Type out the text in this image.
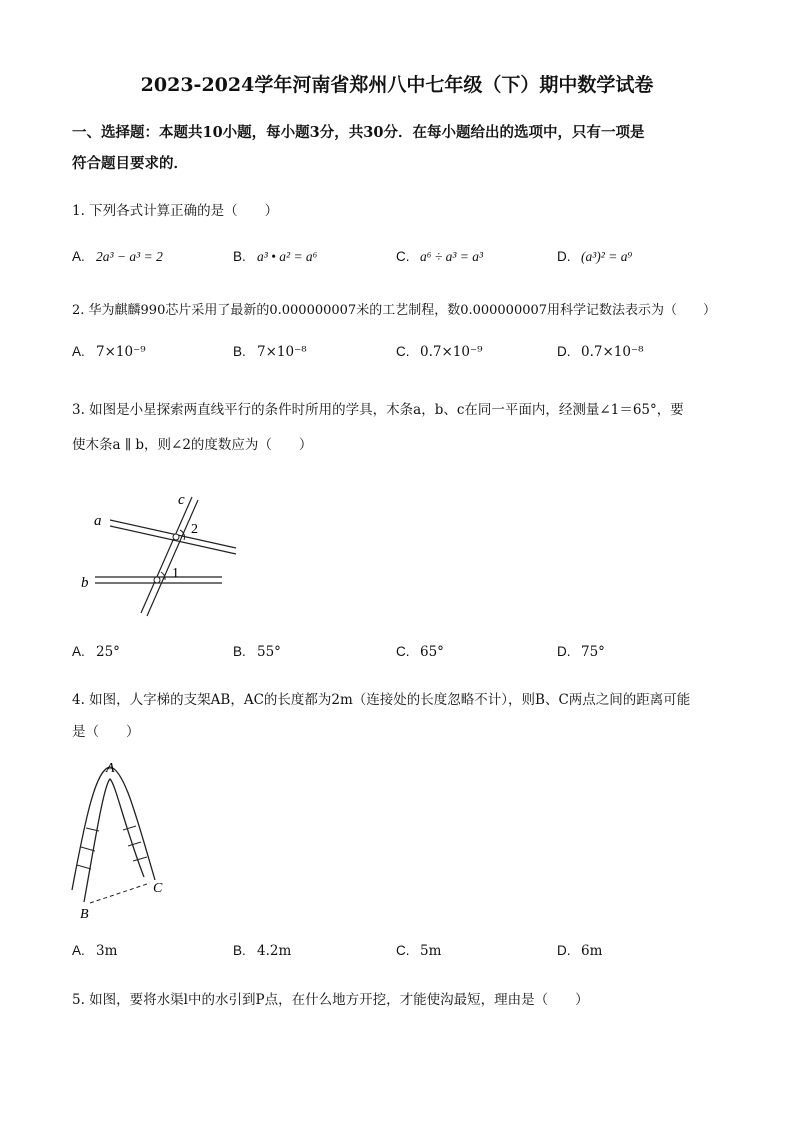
2023-2024学年河南省郑州八中七年级（下）期中数学试卷
一、选择题：本题共10小题，每小题3分，共30分．在每小题给出的选项中，只有一项是
符合题目要求的．
1. 下列各式计算正确的是（　　）
A. 2a³ − a³ = 2	B. a³ • a² = a⁶	C. a⁶ ÷ a³ = a³	D. (a³)² = a⁹
2. 华为麒麟990芯片采用了最新的0.000000007米的工艺制程，数0.000000007用科学记数法表示为（　　）
A. 7×10⁻⁹	B. 7×10⁻⁸	C. 0.7×10⁻⁹	D. 0.7×10⁻⁸
3. 如图是小星探索两直线平行的条件时所用的学具，木条a，b、c在同一平面内，经测量∠1＝65°，要
使木条a ∥ b，则∠2的度数应为（　　）
a
b
c
2
1
A. 25°	B. 55°	C. 65°	D. 75°
4. 如图，人字梯的支架AB，AC的长度都为2m（连接处的长度忽略不计），则B、C两点之间的距离可能
是（　　）
A
B
C
A. 3m	B. 4.2m	C. 5m	D. 6m
5. 如图，要将水渠l中的水引到P点，在什么地方开挖，才能使沟最短，理由是（　　）
